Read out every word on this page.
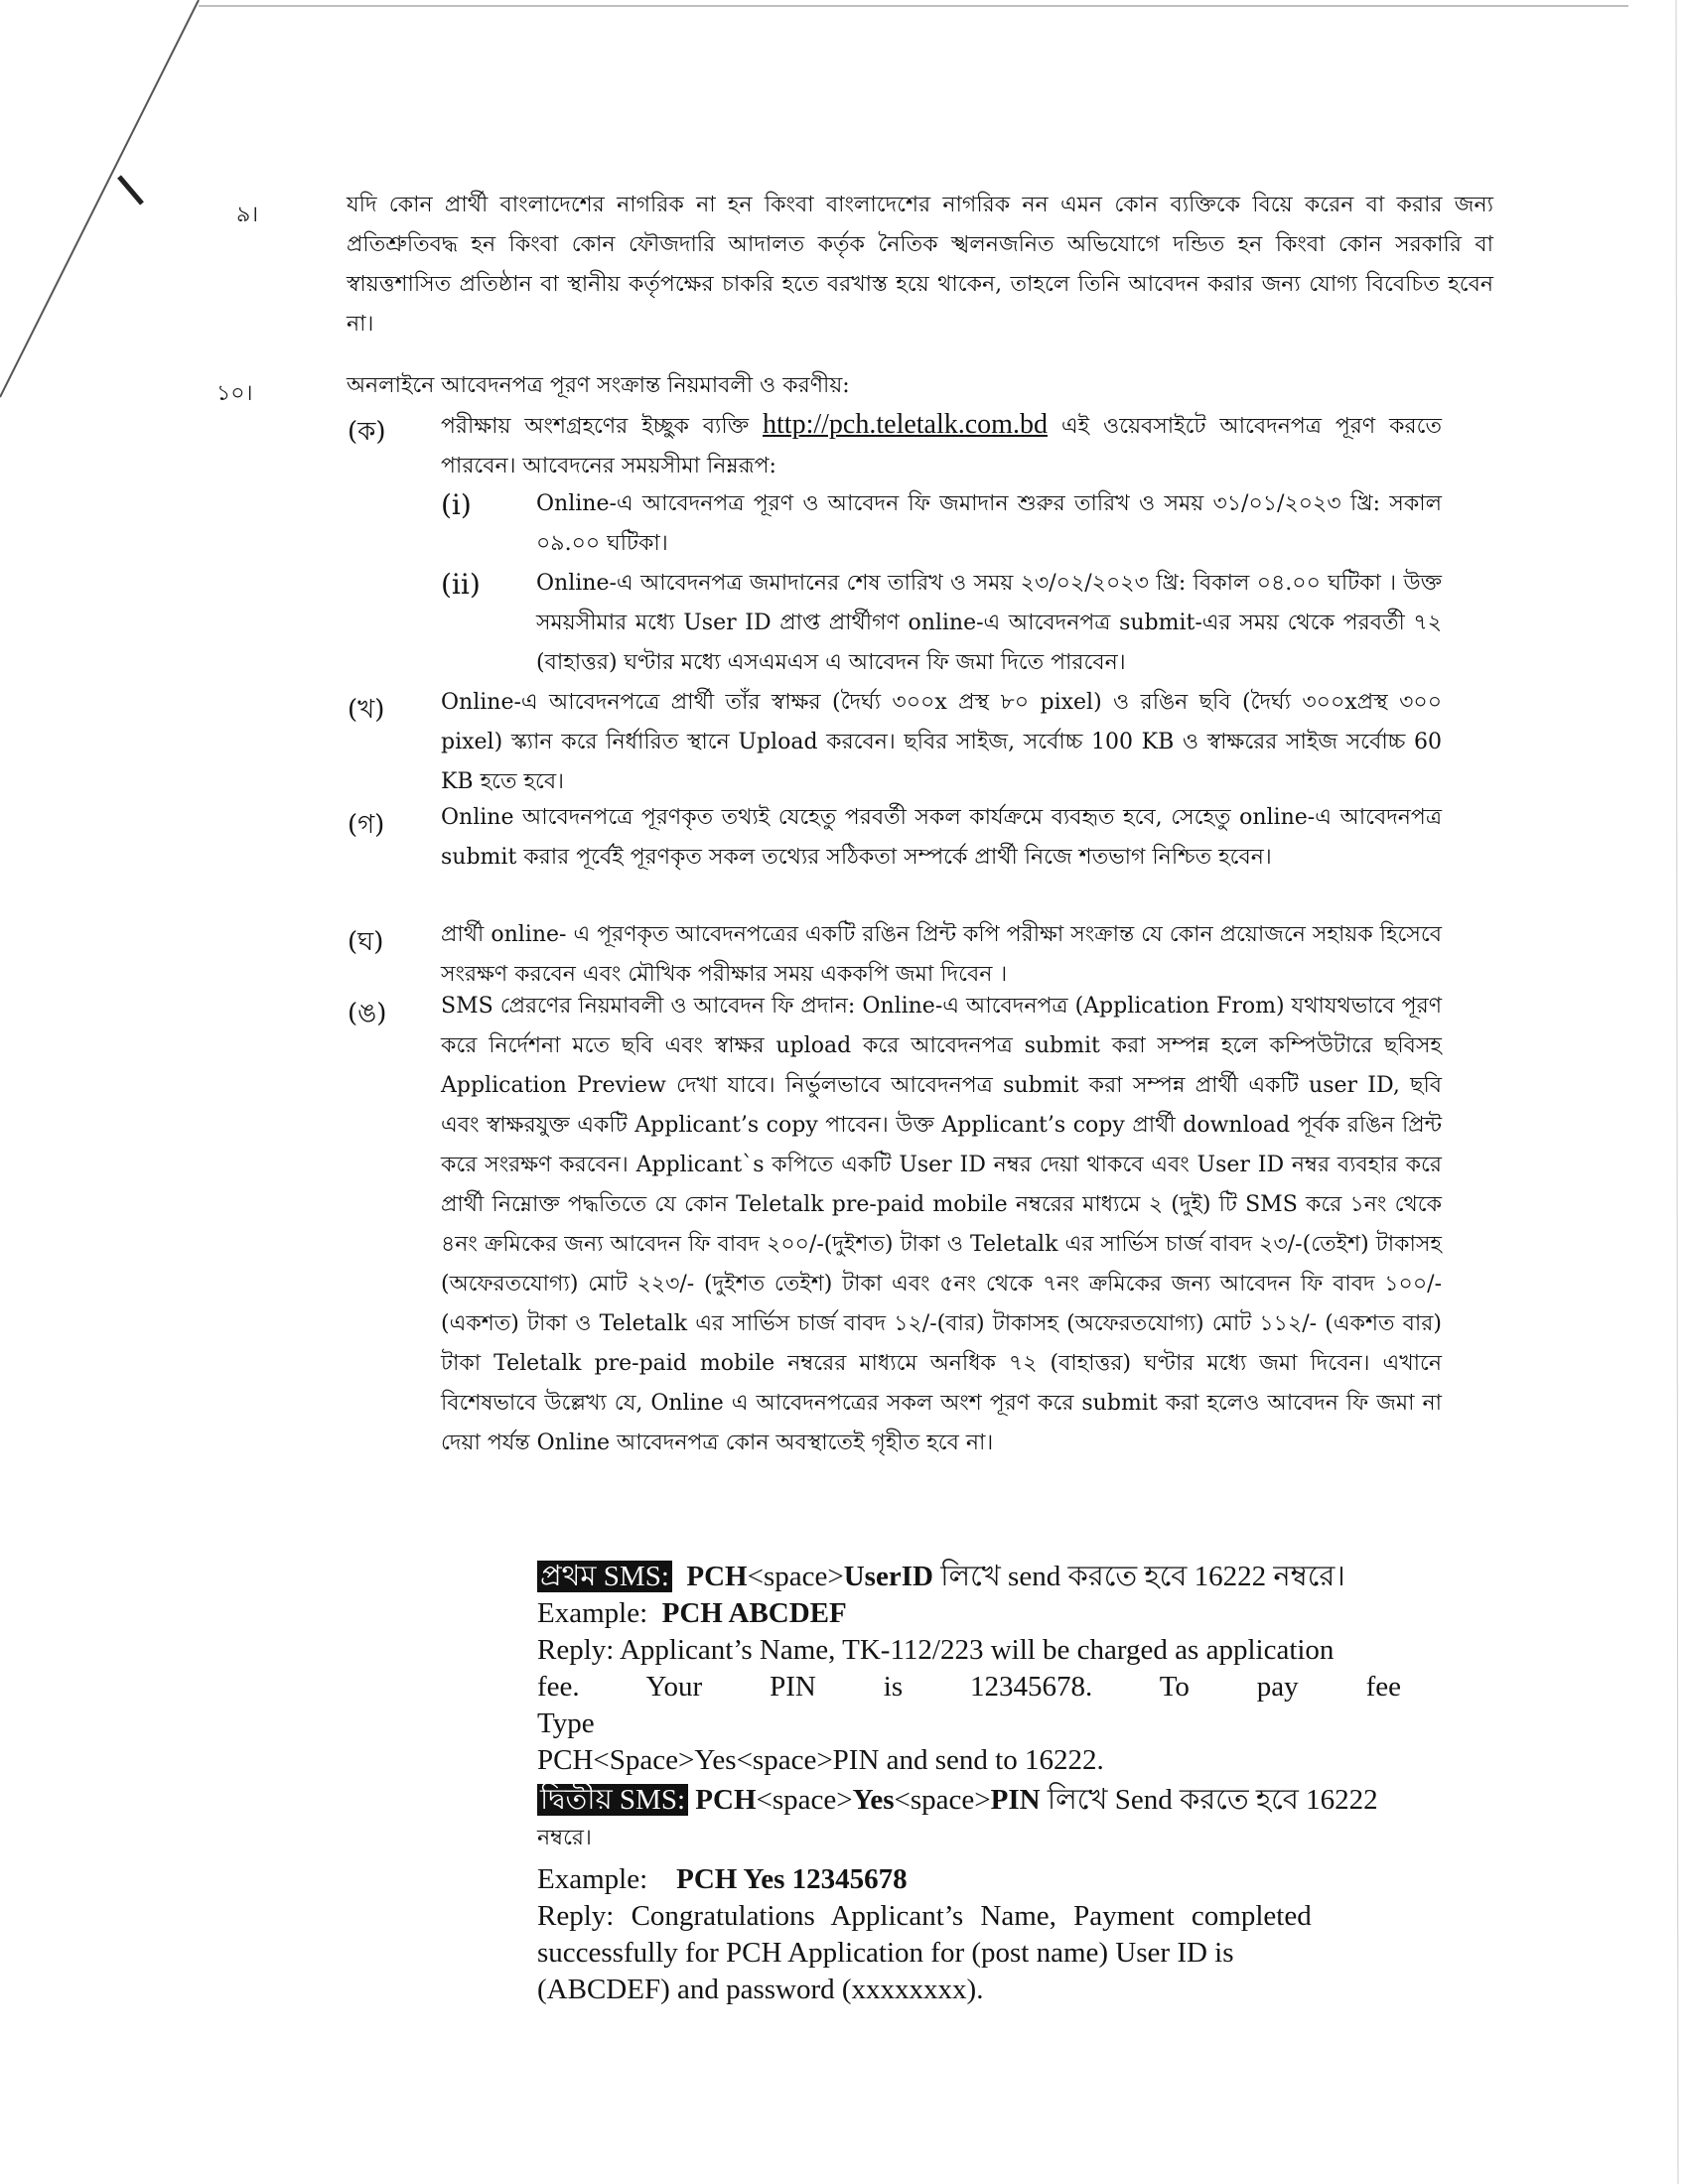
৯।	যদি কোন প্রার্থী বাংলাদেশের নাগরিক না হন কিংবা বাংলাদেশের নাগরিক নন এমন কোন ব্যক্তিকে বিয়ে করেন বা করার জন্য প্রতিশ্রুতিবদ্ধ হন কিংবা কোন ফৌজদারি আদালত কর্তৃক নৈতিক স্খলনজনিত অভিযোগে দন্ডিত হন কিংবা কোন সরকারি বা স্বায়ত্তশাসিত প্রতিষ্ঠান বা স্থানীয় কর্তৃপক্ষের চাকরি হতে বরখাস্ত হয়ে থাকেন, তাহলে তিনি আবেদন করার জন্য যোগ্য বিবেচিত হবেন না।
১০।	অনলাইনে আবেদনপত্র পূরণ সংক্রান্ত নিয়মাবলী ও করণীয়:
(ক)	পরীক্ষায় অংশগ্রহণের ইচ্ছুক ব্যক্তি http://pch.teletalk.com.bd এই ওয়েবসাইটে আবেদনপত্র পূরণ করতে পারবেন। আবেদনের সময়সীমা নিম্নরূপ:
(i)	Online-এ আবেদনপত্র পূরণ ও আবেদন ফি জমাদান শুরুর তারিখ ও সময় ৩১/০১/২০২৩ খ্রি: সকাল ০৯.০০ ঘটিকা।
(ii)	Online-এ আবেদনপত্র জমাদানের শেষ তারিখ ও সময় ২৩/০২/২০২৩ খ্রি: বিকাল ০৪.০০ ঘটিকা । উক্ত সময়সীমার মধ্যে User ID প্রাপ্ত প্রার্থীগণ online-এ আবেদনপত্র submit-এর সময় থেকে পরবর্তী ৭২ (বাহাত্তর) ঘণ্টার মধ্যে এসএমএস এ আবেদন ফি জমা দিতে পারবেন।
(খ)	Online-এ আবেদনপত্রে প্রার্থী তাঁর স্বাক্ষর (দৈর্ঘ্য ৩০০x প্রস্থ ৮০ pixel) ও রঙিন ছবি (দৈর্ঘ্য ৩০০xপ্রস্থ ৩০০ pixel) স্ক্যান করে নির্ধারিত স্থানে Upload করবেন। ছবির সাইজ, সর্বোচ্চ 100 KB ও স্বাক্ষরের সাইজ সর্বোচ্চ 60 KB হতে হবে।
(গ)	Online আবেদনপত্রে পূরণকৃত তথ্যই যেহেতু পরবর্তী সকল কার্যক্রমে ব্যবহৃত হবে, সেহেতু online-এ আবেদনপত্র submit করার পূর্বেই পূরণকৃত সকল তথ্যের সঠিকতা সম্পর্কে প্রার্থী নিজে শতভাগ নিশ্চিত হবেন।
(ঘ)	প্রার্থী online- এ পূরণকৃত আবেদনপত্রের একটি রঙিন প্রিন্ট কপি পরীক্ষা সংক্রান্ত যে কোন প্রয়োজনে সহায়ক হিসেবে সংরক্ষণ করবেন এবং মৌখিক পরীক্ষার সময় এককপি জমা দিবেন ।
(ঙ) SMS প্রেরণের নিয়মাবলী ও আবেদন ফি প্রদান: Online-এ আবেদনপত্র (Application From) যথাযথভাবে পূরণ করে নির্দেশনা মতে ছবি এবং স্বাক্ষর upload করে আবেদনপত্র submit করা সম্পন্ন হলে কম্পিউটারে ছবিসহ Application Preview দেখা যাবে। নির্ভুলভাবে আবেদনপত্র submit করা সম্পন্ন প্রার্থী একটি user ID, ছবি এবং স্বাক্ষরযুক্ত একটি Applicant’s copy পাবেন। উক্ত Applicant’s copy প্রার্থী download পূর্বক রঙিন প্রিন্ট করে সংরক্ষণ করবেন। Applicant`s কপিতে একটি User ID নম্বর দেয়া থাকবে এবং User ID নম্বর ব্যবহার করে প্রার্থী নিম্নোক্ত পদ্ধতিতে যে কোন Teletalk pre-paid mobile নম্বরের মাধ্যমে ২ (দুই) টি SMS করে ১নং থেকে ৪নং ক্রমিকের জন্য আবেদন ফি বাবদ ২০০/-(দুইশত) টাকা ও Teletalk এর সার্ভিস চার্জ বাবদ ২৩/-(তেইশ) টাকাসহ (অফেরতযোগ্য) মোট ২২৩/- (দুইশত তেইশ) টাকা এবং ৫নং থেকে ৭নং ক্রমিকের জন্য আবেদন ফি বাবদ ১০০/-(একশত) টাকা ও Teletalk এর সার্ভিস চার্জ বাবদ ১২/-(বার) টাকাসহ (অফেরতযোগ্য) মোট ১১২/- (একশত বার) টাকা Teletalk pre-paid mobile নম্বরের মাধ্যমে অনধিক ৭২ (বাহাত্তর) ঘণ্টার মধ্যে জমা দিবেন। এখানে বিশেষভাবে উল্লেখ্য যে, Online এ আবেদনপত্রের সকল অংশ পূরণ করে submit করা হলেও আবেদন ফি জমা না দেয়া পর্যন্ত Online আবেদনপত্র কোন অবস্থাতেই গৃহীত হবে না।
প্রথম SMS: PCH<space>UserID লিখে send করতে হবে 16222 নম্বরে।
Example: PCH ABCDEF
Reply: Applicant’s Name, TK-112/223 will be charged as application
fee. Your PIN is 12345678. To pay fee Type
PCH<Space>Yes<space>PIN and send to 16222.
দ্বিতীয় SMS: PCH<space>Yes<space>PIN লিখে Send করতে হবে 16222
নম্বরে।
Example: PCH Yes 12345678
Reply: Congratulations Applicant’s Name, Payment completed
successfully for PCH Application for (post name) User ID is
(ABCDEF) and password (xxxxxxxx).
